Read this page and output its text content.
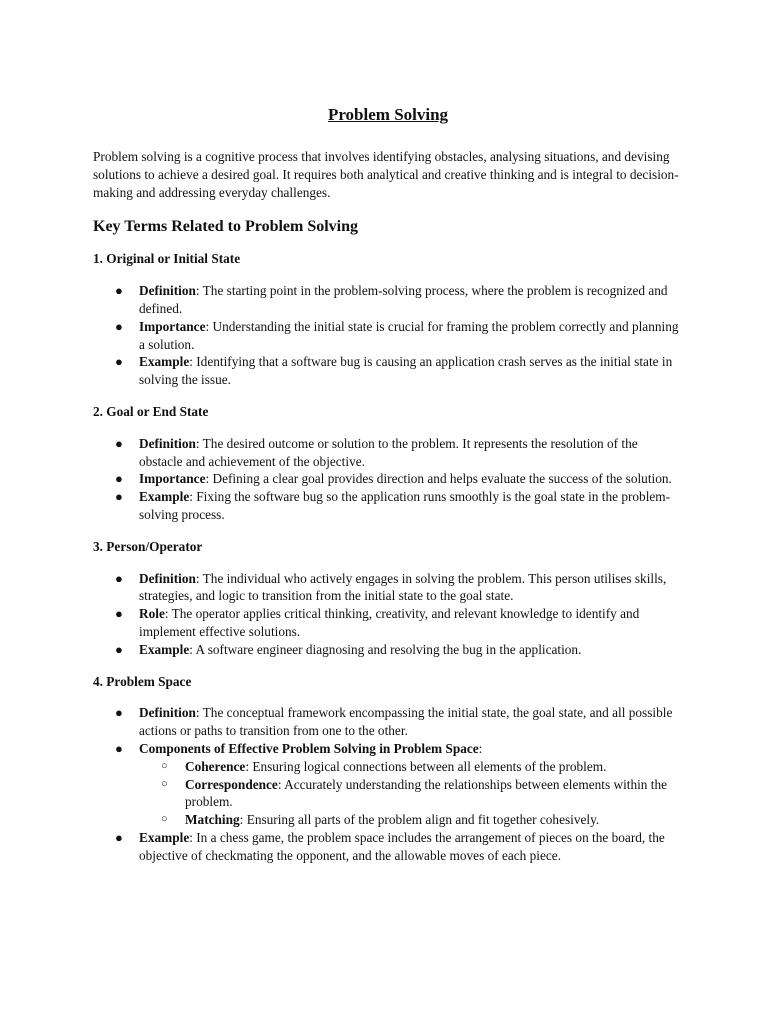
Problem Solving

Problem solving is a cognitive process that involves identifying obstacles, analysing situations, and devising solutions to achieve a desired goal. It requires both analytical and creative thinking and is integral to decision-making and addressing everyday challenges.

Key Terms Related to Problem Solving
1. Original or Initial State
● Definition: The starting point in the problem-solving process, where the problem is recognized and defined.
● Importance: Understanding the initial state is crucial for framing the problem correctly and planning a solution.
● Example: Identifying that a software bug is causing an application crash serves as the initial state in solving the issue.
2. Goal or End State
● Definition: The desired outcome or solution to the problem. It represents the resolution of the obstacle and achievement of the objective.
● Importance: Defining a clear goal provides direction and helps evaluate the success of the solution.
● Example: Fixing the software bug so the application runs smoothly is the goal state in the problem-solving process.
3. Person/Operator
● Definition: The individual who actively engages in solving the problem. This person utilises skills, strategies, and logic to transition from the initial state to the goal state.
● Role: The operator applies critical thinking, creativity, and relevant knowledge to identify and implement effective solutions.
● Example: A software engineer diagnosing and resolving the bug in the application.
4. Problem Space
● Definition: The conceptual framework encompassing the initial state, the goal state, and all possible actions or paths to transition from one to the other.
● Components of Effective Problem Solving in Problem Space:
○ Coherence: Ensuring logical connections between all elements of the problem.
○ Correspondence: Accurately understanding the relationships between elements within the problem.
○ Matching: Ensuring all parts of the problem align and fit together cohesively.
● Example: In a chess game, the problem space includes the arrangement of pieces on the board, the objective of checkmating the opponent, and the allowable moves of each piece.
